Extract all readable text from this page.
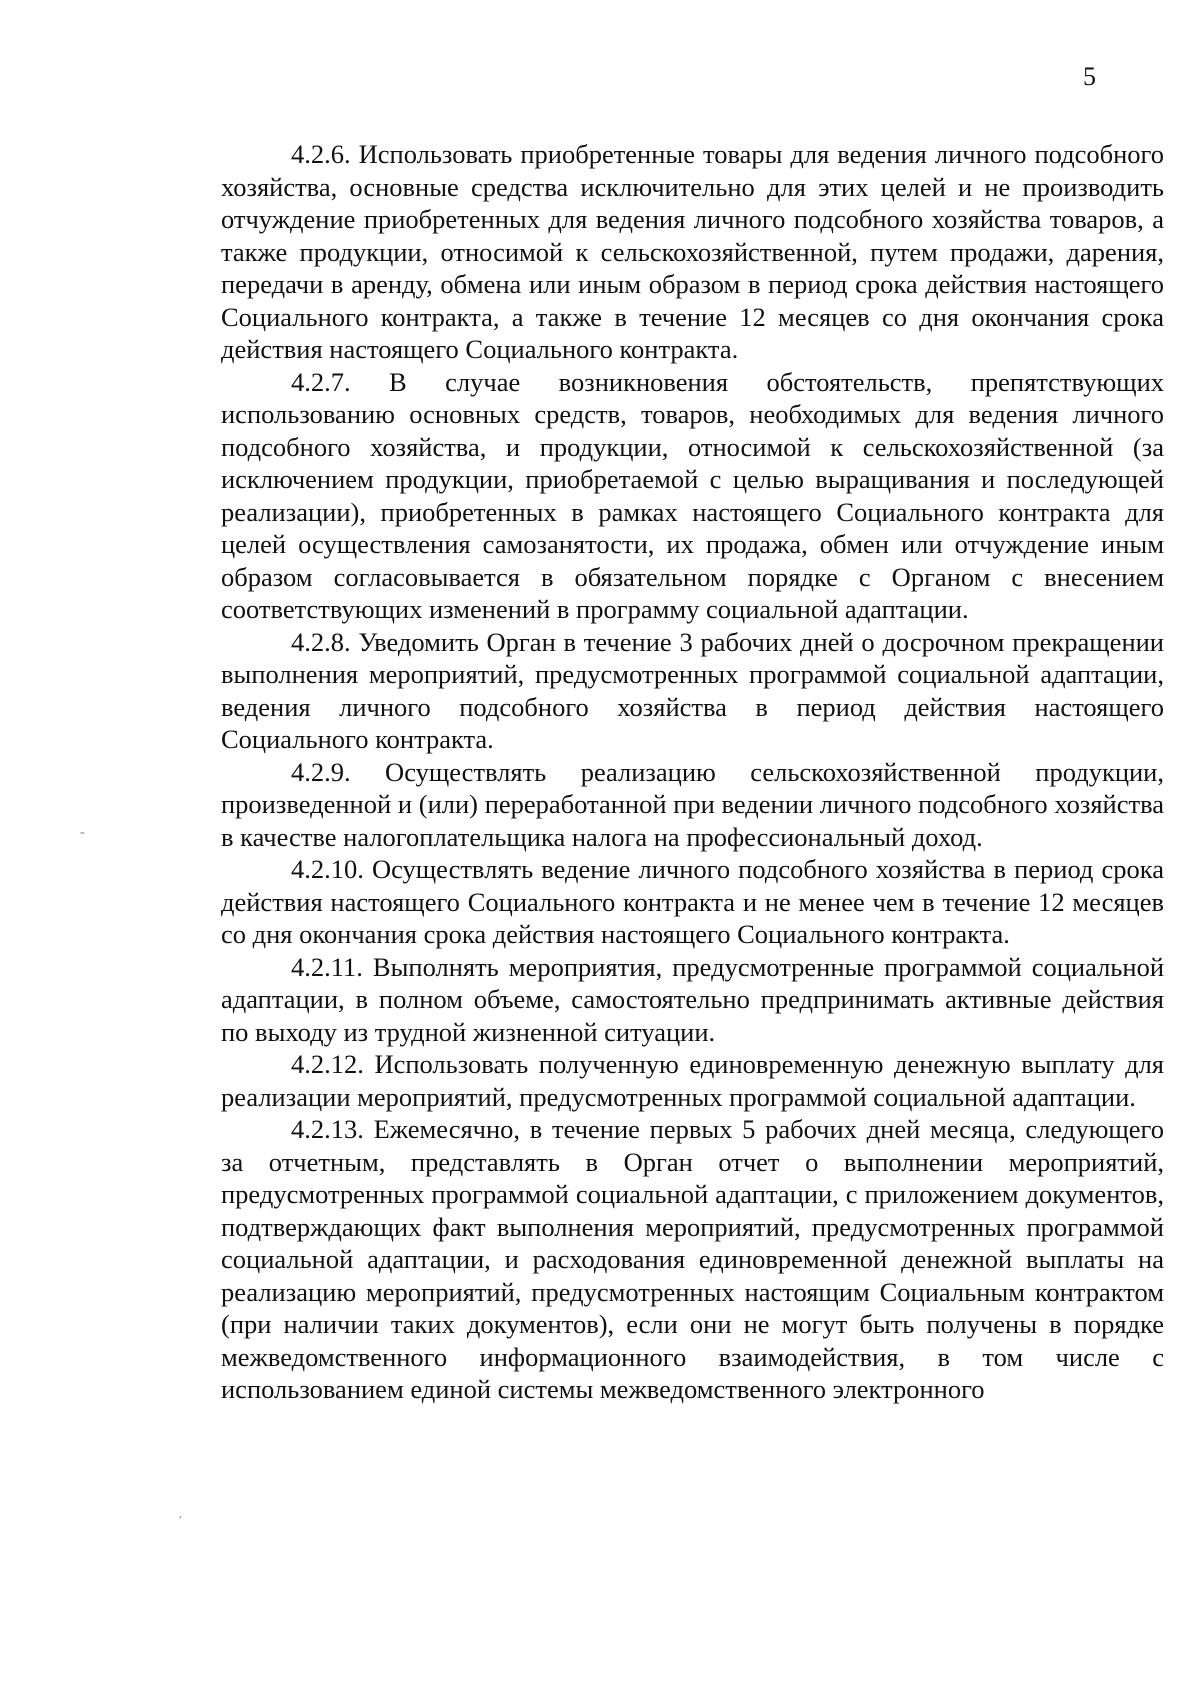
5
-
·

4.2.6. Использовать приобретенные товары для ведения личного подсобного хозяйства, основные средства исключительно для этих целей и не производить отчуждение приобретенных для ведения личного подсобного хозяйства товаров, а также продукции, относимой к сельскохозяйственной, путем продажи, дарения, передачи в аренду, обмена или иным образом в период срока действия настоящего Социального контракта, а также в течение 12 месяцев со дня окончания срока действия настоящего Социального контракта.

4.2.7. В случае возникновения обстоятельств, препятствующих использованию основных средств, товаров, необходимых для ведения личного подсобного хозяйства, и продукции, относимой к сельскохозяйственной (за исключением продукции, приобретаемой с целью выращивания и последующей реализации), приобретенных в рамках настоящего Социального контракта для целей осуществления самозанятости, их продажа, обмен или отчуждение иным образом согласовывается в обязательном порядке с Органом с внесением соответствующих изменений в программу социальной адаптации.

4.2.8. Уведомить Орган в течение 3 рабочих дней о досрочном прекращении выполнения мероприятий, предусмотренных программой социальной адаптации, ведения личного подсобного хозяйства в период действия настоящего Социального контракта.

4.2.9. Осуществлять реализацию сельскохозяйственной продукции, произведенной и (или) переработанной при ведении личного подсобного хозяйства в качестве налогоплательщика налога на профессиональный доход.

4.2.10. Осуществлять ведение личного подсобного хозяйства в период срока действия настоящего Социального контракта и не менее чем в течение 12 месяцев со дня окончания срока действия настоящего Социального контракта.

4.2.11. Выполнять мероприятия, предусмотренные программой социальной адаптации, в полном объеме, самостоятельно предпринимать активные действия по выходу из трудной жизненной ситуации.

4.2.12. Использовать полученную единовременную денежную выплату для реализации мероприятий, предусмотренных программой социальной адаптации.

4.2.13. Ежемесячно, в течение первых 5 рабочих дней месяца, следующего за отчетным, представлять в Орган отчет о выполнении мероприятий, предусмотренных программой социальной адаптации, с приложением документов, подтверждающих факт выполнения мероприятий, предусмотренных программой социальной адаптации, и расходования единовременной денежной выплаты на реализацию мероприятий, предусмотренных настоящим Социальным контрактом (при наличии таких документов), если они не могут быть получены в порядке межведомственного информационного взаимодействия, в том числе с использованием единой системы межведомственного электронного
